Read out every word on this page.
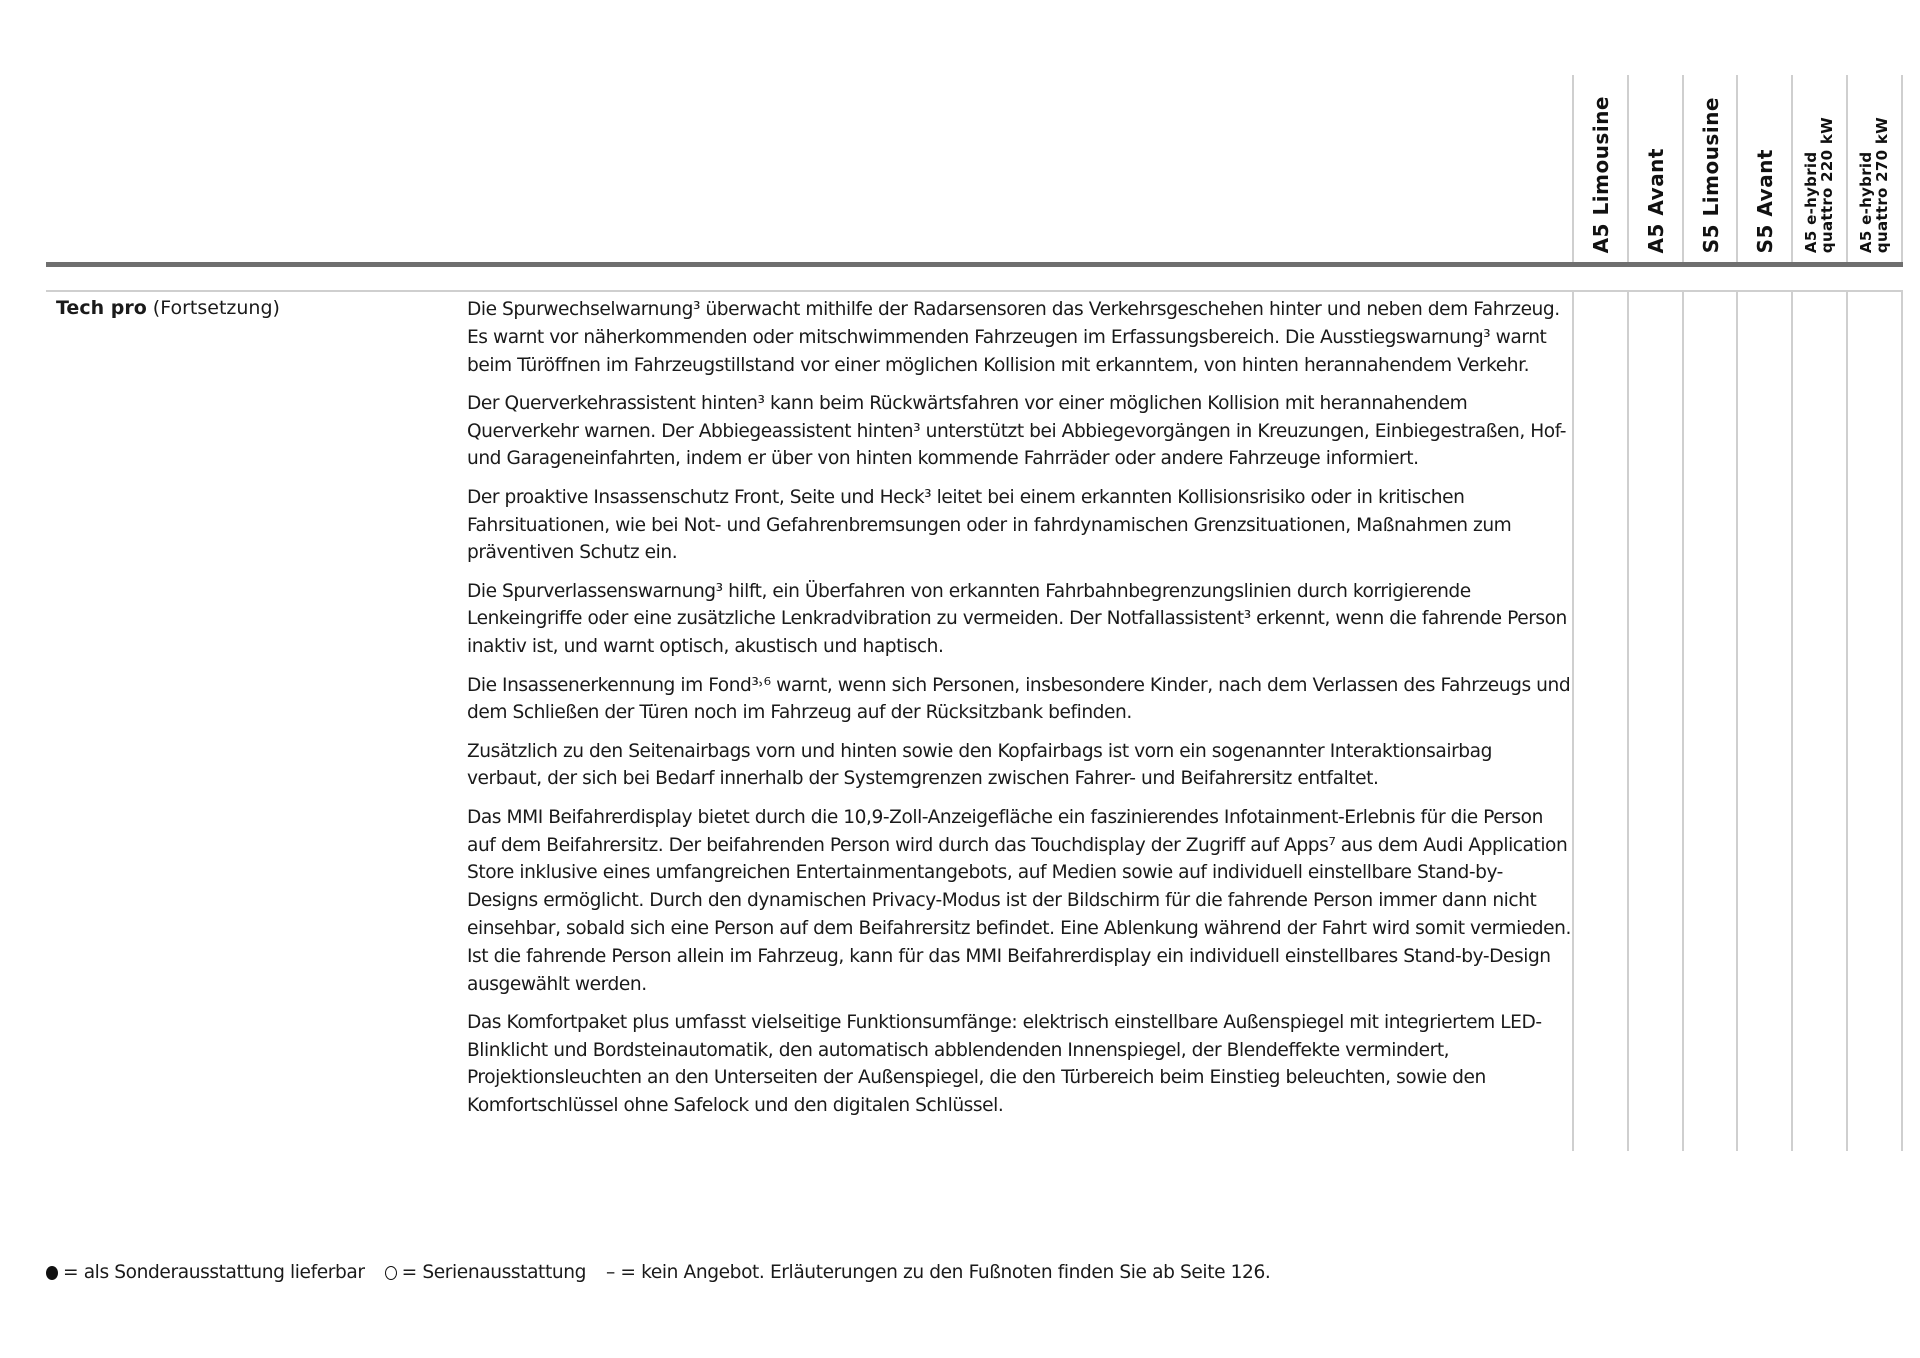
A5 Limousine A5 Avant S5 Limousine S5 Avant A5 e-hybrid
quattro 220 kW A5 e-hybrid
quattro 270 kW
Tech pro (Fortsetzung)	Die Spurwechselwarnung³ überwacht mithilfe der Radarsensoren das Verkehrsgeschehen hinter und neben dem Fahrzeug. Es warnt vor näherkommenden oder mitschwimmenden Fahrzeugen im Erfassungsbereich. Die Ausstiegswarnung³ warnt beim Türöffnen im Fahrzeugstillstand vor einer möglichen Kollision mit erkanntem, von hinten herannahendem Verkehr.

Der Querverkehrassistent hinten³ kann beim Rückwärtsfahren vor einer möglichen Kollision mit herannahendem Querverkehr warnen. Der Abbiegeassistent hinten³ unterstützt bei Abbiegevorgängen in Kreuzungen, Einbiegestraßen, Hof- und Garageneinfahrten, indem er über von hinten kommende Fahrräder oder andere Fahrzeuge informiert.

Der proaktive Insassenschutz Front, Seite und Heck³ leitet bei einem erkannten Kollisionsrisiko oder in kritischen Fahrsituationen, wie bei Not- und Gefahrenbremsungen oder in fahrdynamischen Grenzsituationen, Maßnahmen zum präventiven Schutz ein.

Die Spurverlassenswarnung³ hilft, ein Überfahren von erkannten Fahrbahnbegrenzungslinien durch korrigierende Lenkeingriffe oder eine zusätzliche Lenkradvibration zu vermeiden. Der Notfallassistent³ erkennt, wenn die fahrende Person inaktiv ist, und warnt optisch, akustisch und haptisch.

Die Insassenerkennung im Fond³˒⁶ warnt, wenn sich Personen, insbesondere Kinder, nach dem Verlassen des Fahrzeugs und dem Schließen der Türen noch im Fahrzeug auf der Rücksitzbank befinden.

Zusätzlich zu den Seitenairbags vorn und hinten sowie den Kopfairbags ist vorn ein sogenannter Interaktionsairbag verbaut, der sich bei Bedarf innerhalb der Systemgrenzen zwischen Fahrer- und Beifahrersitz entfaltet.

Das MMI Beifahrerdisplay bietet durch die 10,9-Zoll-Anzeigefläche ein faszinierendes Infotainment-Erlebnis für die Person auf dem Beifahrersitz. Der beifahrenden Person wird durch das Touchdisplay der Zugriff auf Apps⁷ aus dem Audi Application Store inklusive eines umfangreichen Entertainmentangebots, auf Medien sowie auf individuell einstellbare Stand-by-Designs ermöglicht. Durch den dynamischen Privacy-Modus ist der Bildschirm für die fahrende Person immer dann nicht einsehbar, sobald sich eine Person auf dem Beifahrersitz befindet. Eine Ablenkung während der Fahrt wird somit vermieden. Ist die fahrende Person allein im Fahrzeug, kann für das MMI Beifahrerdisplay ein individuell einstellbares Stand-by-Design ausgewählt werden.

Das Komfortpaket plus umfasst vielseitige Funktionsumfänge: elektrisch einstellbare Außenspiegel mit integriertem LED-Blinklicht und Bordsteinautomatik, den automatisch abblendenden Innenspiegel, der Blendeffekte vermindert, Projektionsleuchten an den Unterseiten der Außenspiegel, die den Türbereich beim Einstieg beleuchten, sowie den Komfortschlüssel ohne Safelock und den digitalen Schlüssel.

= als Sonderausstattung lieferbar = Serienausstattung – = kein Angebot. Erläuterungen zu den Fußnoten finden Sie ab Seite 126.
